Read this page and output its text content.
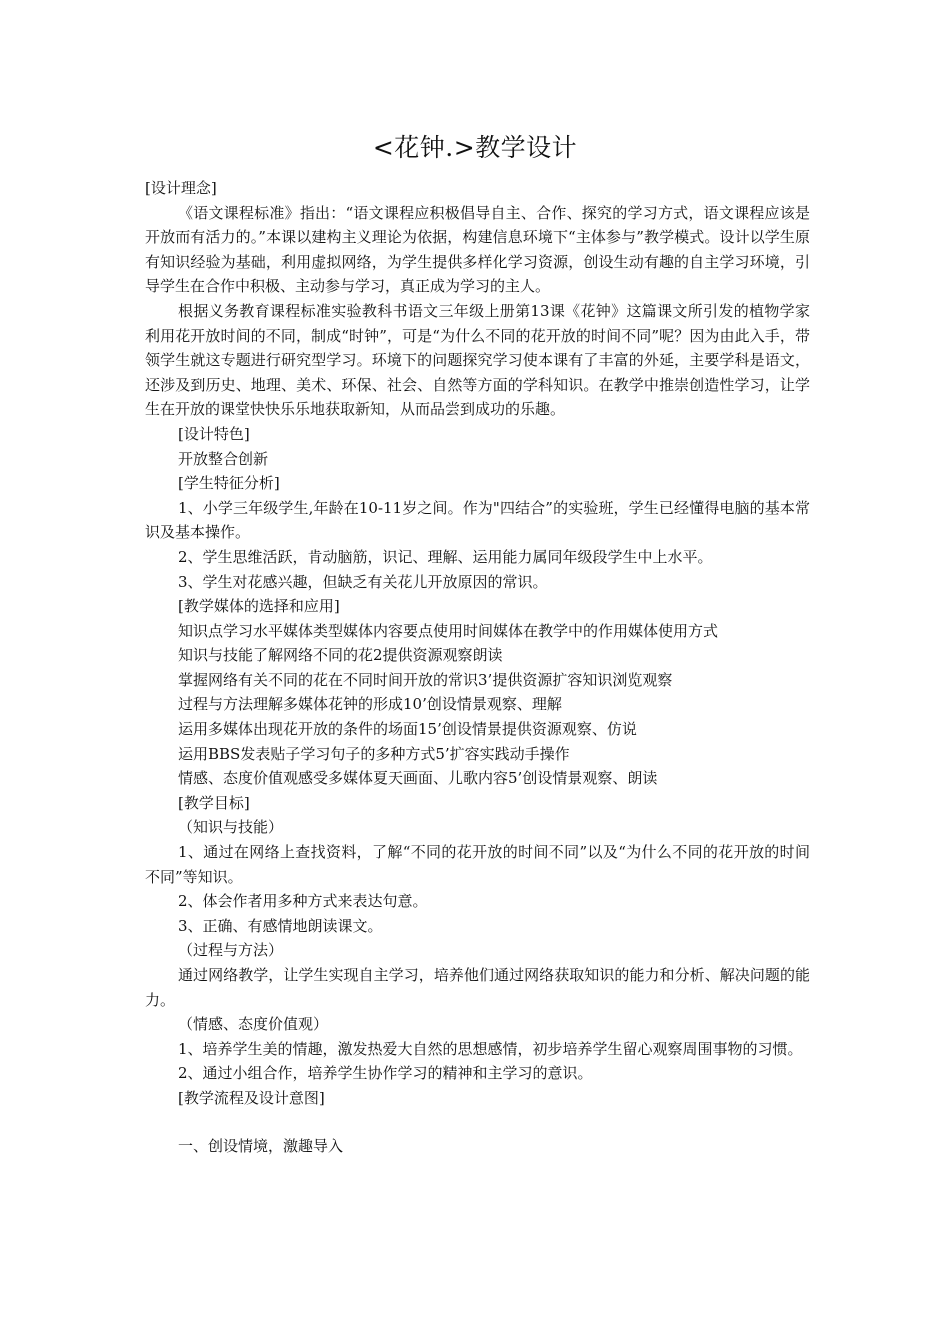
<花钟.>教学设计

[设计理念]

《语文课程标准》指出：“语文课程应积极倡导自主、合作、探究的学习方式，语文课程应该是开放而有活力的。”本课以建构主义理论为依据，构建信息环境下“主体参与”教学模式。设计以学生原有知识经验为基础，利用虚拟网络，为学生提供多样化学习资源，创设生动有趣的自主学习环境，引导学生在合作中积极、主动参与学习，真正成为学习的主人。

根据义务教育课程标准实验教科书语文三年级上册第13课《花钟》这篇课文所引发的植物学家利用花开放时间的不同，制成“时钟”，可是“为什么不同的花开放的时间不同”呢？因为由此入手，带领学生就这专题进行研究型学习。环境下的问题探究学习使本课有了丰富的外延，主要学科是语文，还涉及到历史、地理、美术、环保、社会、自然等方面的学科知识。在教学中推崇创造性学习，让学生在开放的课堂快快乐乐地获取新知，从而品尝到成功的乐趣。

[设计特色]

开放整合创新

[学生特征分析]

1、小学三年级学生,年龄在10-11岁之间。作为"四结合”的实验班，学生已经懂得电脑的基本常识及基本操作。

2、学生思维活跃，肯动脑筋，识记、理解、运用能力属同年级段学生中上水平。

3、学生对花感兴趣，但缺乏有关花儿开放原因的常识。

[教学媒体的选择和应用]

知识点学习水平媒体类型媒体内容要点使用时间媒体在教学中的作用媒体使用方式

知识与技能了解网络不同的花2提供资源观察朗读

掌握网络有关不同的花在不同时间开放的常识3’提供资源扩容知识浏览观察

过程与方法理解多媒体花钟的形成10’创设情景观察、理解

运用多媒体出现花开放的条件的场面15’创设情景提供资源观察、仿说

运用BBS发表贴子学习句子的多种方式5’扩容实践动手操作

情感、态度价值观感受多媒体夏天画面、儿歌内容5’创设情景观察、朗读

[教学目标]

（知识与技能）

1、通过在网络上查找资料，了解“不同的花开放的时间不同”以及“为什么不同的花开放的时间不同”等知识。

2、体会作者用多种方式来表达句意。

3、正确、有感情地朗读课文。

（过程与方法）

通过网络教学，让学生实现自主学习，培养他们通过网络获取知识的能力和分析、解决问题的能力。

（情感、态度价值观）

1、培养学生美的情趣，激发热爱大自然的思想感情，初步培养学生留心观察周围事物的习惯。

2、通过小组合作，培养学生协作学习的精神和主学习的意识。

[教学流程及设计意图]

一、创设情境，激趣导入
